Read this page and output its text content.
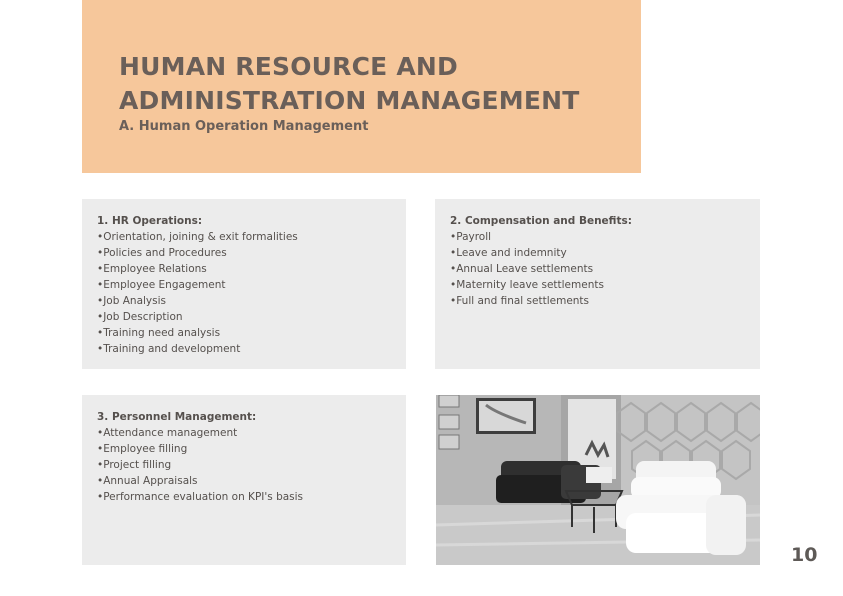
HUMAN RESOURCE AND
ADMINISTRATION MANAGEMENT
A. Human Operation Management
1. HR Operations:
• Orientation, joining & exit formalities
• Policies and Procedures
• Employee Relations
• Employee Engagement
• Job Analysis
• Job Description
• Training need analysis
• Training and development
2. Compensation and Benefits:
• Payroll
• Leave and indemnity
• Annual Leave settlements
• Maternity leave settlements
• Full and final settlements
3. Personnel Management:
• Attendance management
• Employee filling
• Project filling
• Annual Appraisals
• Performance evaluation on KPI's basis
10
